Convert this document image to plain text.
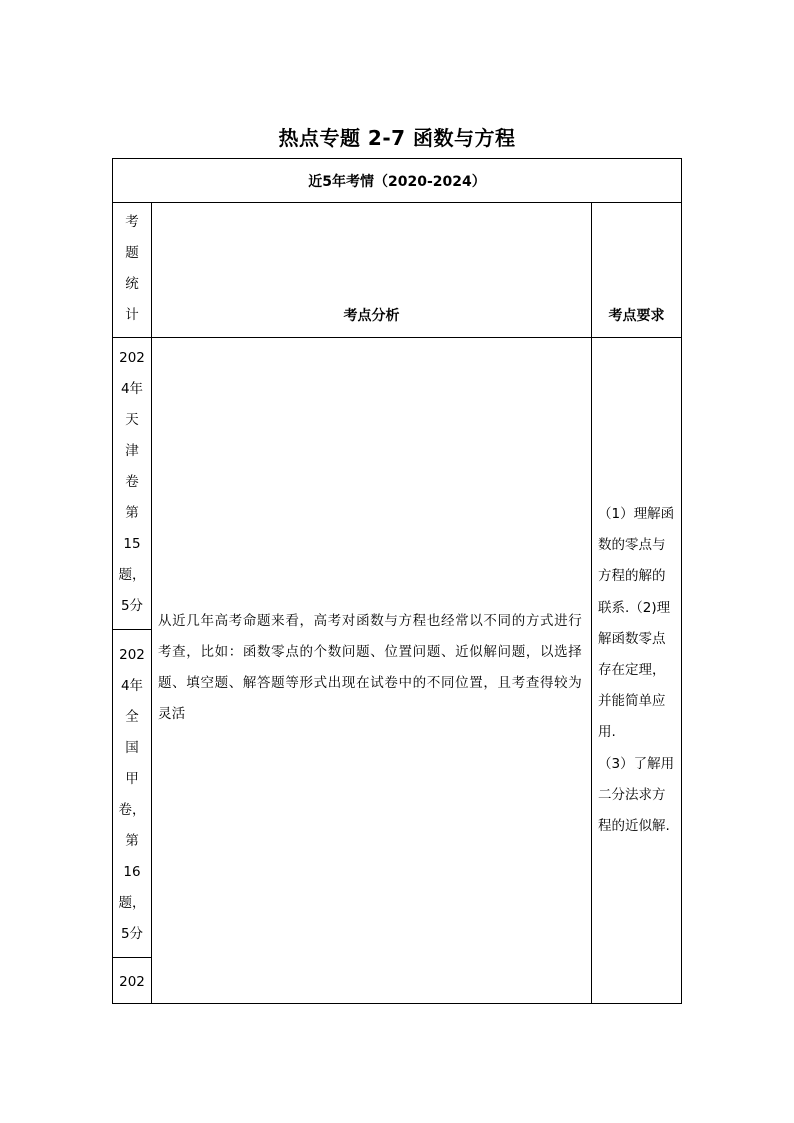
热点专题 2-7 函数与方程
近5年考情（2020-2024）
考
题
统
计	考点分析	考点要求
202
4年
天
津
卷
第
15
题，
5分
202
4年
全
国
甲
卷，
第
16
题，
5分
202
从近几年高考命题来看，高考对函数与方程也经常以不同的方式进行考查，比如：函数零点的个数问题、位置问题、近似解问题，以选择题、填空题、解答题等形式出现在试卷中的不同位置，且考查得较为灵活
（1）理解函
数的零点与
方程的解的
联系.（2)理
解函数零点
存在定理，
并能简单应
用.
（3）了解用
二分法求方
程的近似解.
